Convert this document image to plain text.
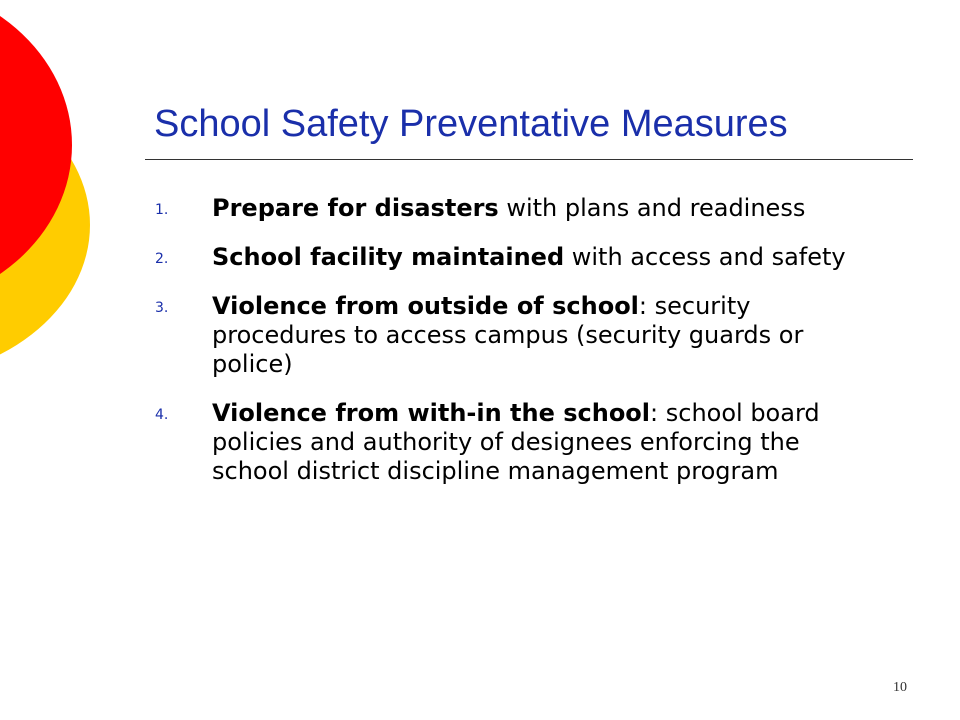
School Safety Preventative Measures
1. Prepare for disasters with plans and readiness
2. School facility maintained with access and safety
3. Violence from outside of school: security procedures to access campus (security guards or police)
4. Violence from with-in the school: school board policies and authority of designees enforcing the school district discipline management program
10
